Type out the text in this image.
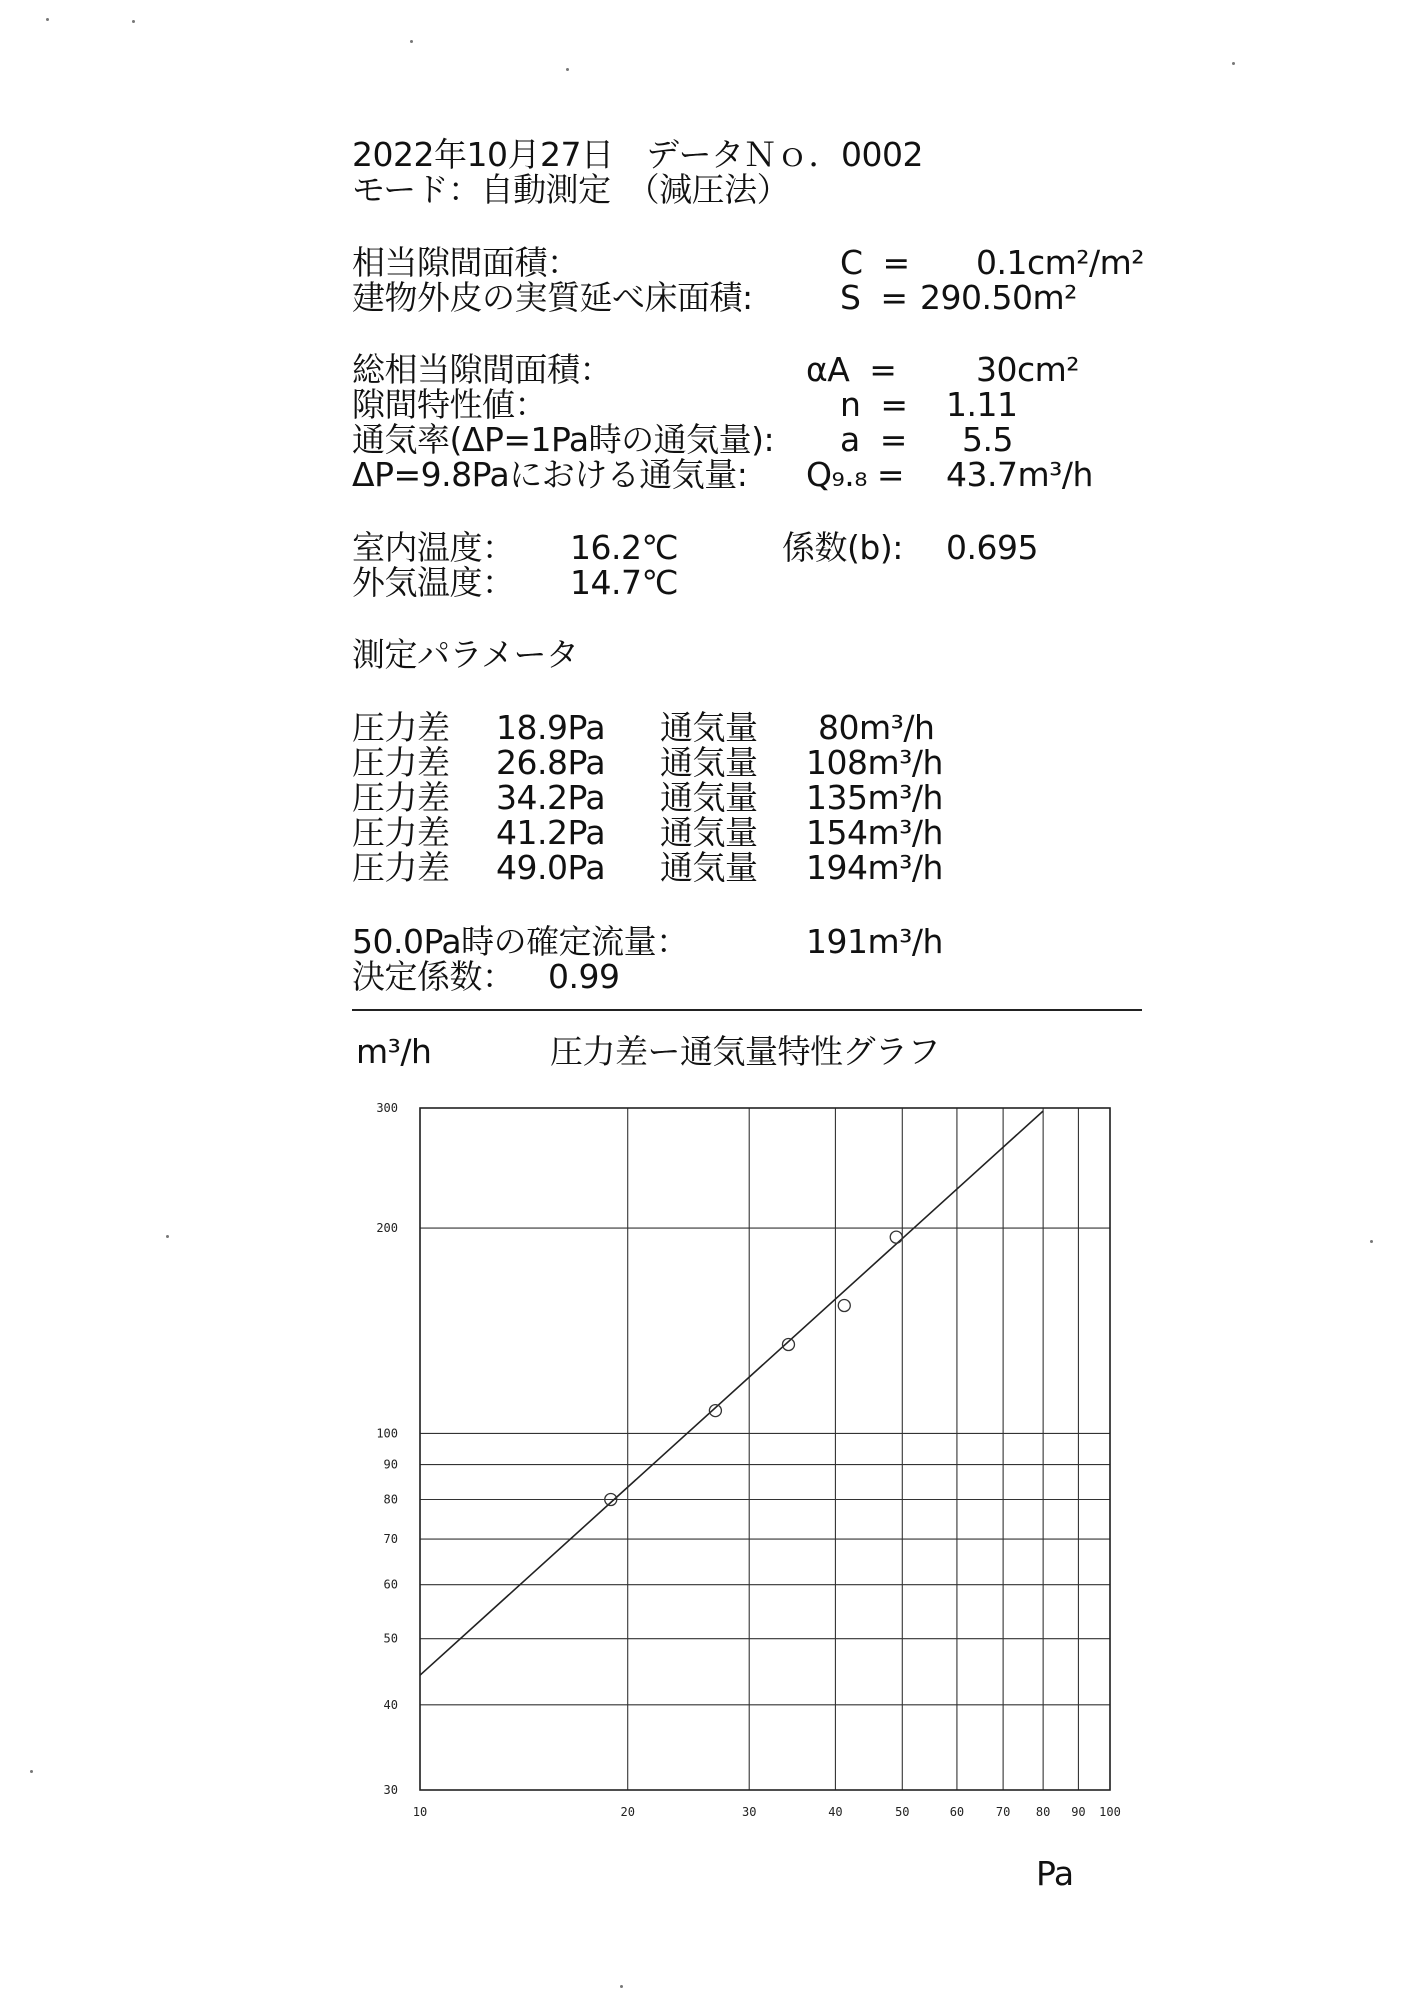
2022年10月27日　データＮｏ．0002
モード：自動測定　（減圧法）
相当隙間面積：	C  = 0.1cm²/m²
建物外皮の実質延べ床面積:	S  = 290.50m²
総相当隙間面積：	αA  = 30cm²
隙間特性値：	n  = 1.11
通気率(ΔP=1Pa時の通気量): a  = 5.5
ΔP=9.8Paにおける通気量: Q₉.₈ = 43.7m³/h
室内温度： 16.2℃	係数(b): 0.695
外気温度： 14.7℃
測定パラメータ
圧力差 18.9Pa 通気量 80m³/h
圧力差 26.8Pa 通気量 108m³/h
圧力差 34.2Pa 通気量 135m³/h
圧力差 41.2Pa 通気量 154m³/h
圧力差 49.0Pa 通気量 194m³/h
50.0Pa時の確定流量：	191m³/h
決定係数： 0.99
m³/h	圧力差ー通気量特性グラフ
10	20	30	40	50	60	70 80 90 100
30
40
50
60
70
80
90
100
200
300
Pa
